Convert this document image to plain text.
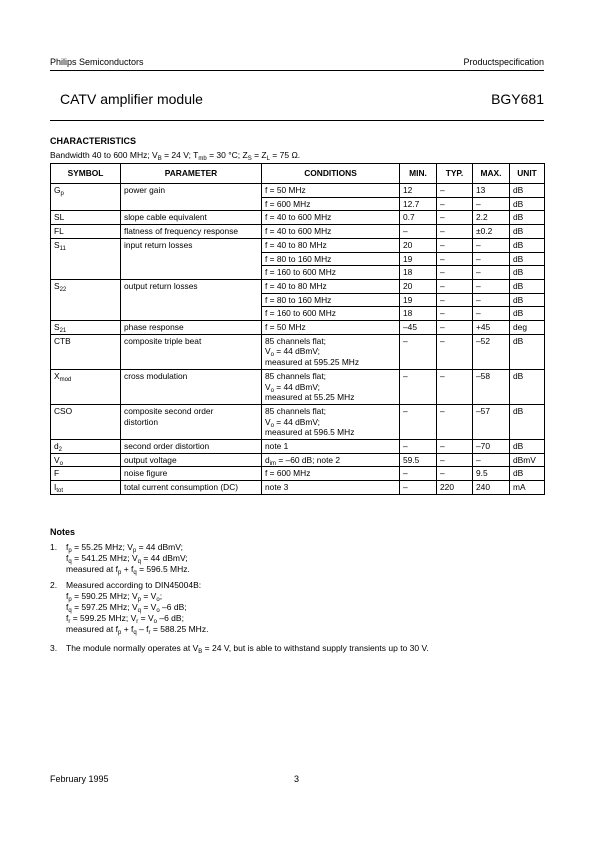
Philips Semiconductors	Productspecification
CATV amplifier module	BGY681
CHARACTERISTICS
Bandwidth 40 to 600 MHz; $V_B = 24$ V; $T_{mb} = 30$ °C; $Z_S = Z_L = 75$ Ω.
SYMBOL	PARAMETER	CONDITIONS	MIN.	TYP.	MAX.	UNIT
$G_p$	power gain	f = 50 MHz	12	–	13	dB
		f = 600 MHz	12.7	–	–	dB
SL	slope cable equivalent	f = 40 to 600 MHz	0.7	–	2.2	dB
FL	flatness of frequency response	f = 40 to 600 MHz	–	–	±0.2	dB
$S_{11}$	input return losses	f = 40 to 80 MHz	20	–	–	dB
		f = 80 to 160 MHz	19	–	–	dB
		f = 160 to 600 MHz	18	–	–	dB
$S_{22}$	output return losses	f = 40 to 80 MHz	20	–	–	dB
		f = 80 to 160 MHz	19	–	–	dB
		f = 160 to 600 MHz	18	–	–	dB
$S_{21}$	phase response	f = 50 MHz	–45	–	+45	deg
CTB	composite triple beat	85 channels flat;
$V_o = 44$ dBmV;
measured at 595.25 MHz	–	–	–52	dB
$X_{mod}$	cross modulation	85 channels flat;
$V_o = 44$ dBmV;
measured at 55.25 MHz	–	–	–58	dB
CSO	composite second order
distortion	85 channels flat;
$V_o = 44$ dBmV;
measured at 596.5 MHz	–	–	–57	dB
$d_2$	second order distortion	note 1	–	–	–70	dB
$V_o$	output voltage	$d_{im} = -60$ dB; note 2	59.5	–	–	dBmV
F	noise figure	f = 600 MHz	–	–	9.5	dB
$I_{tot}$	total current consumption (DC)	note 3	–	220	240	mA
Notes
1.	$f_p = 55.25$ MHz; $V_p = 44$ dBmV;
$f_q = 541.25$ MHz; $V_q = 44$ dBmV;
measured at $f_p + f_q = 596.5$ MHz.
2.	Measured according to DIN45004B:
$f_p = 590.25$ MHz; $V_p = V_o$;
$f_q = 597.25$ MHz; $V_q = V_o$ –6 dB;
$f_r = 599.25$ MHz; $V_r = V_o$ –6 dB;
measured at $f_p + f_q - f_r = 588.25$ MHz.
3.	The module normally operates at $V_B = 24$ V, but is able to withstand supply transients up to 30 V.
February 1995	3
